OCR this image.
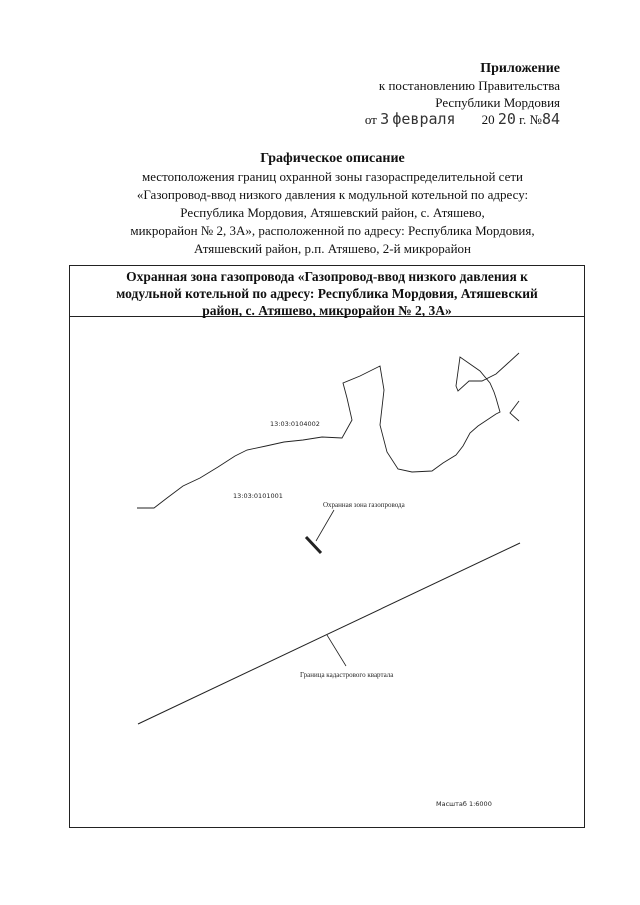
Приложение
к постановлению Правительства
Республики Мордовия
от 3 февраля 20 20 г. №84
Графическое описание
местоположения границ охранной зоны газораспределительной сети
«Газопровод-ввод низкого давления к модульной котельной по адресу:
Республика Мордовия, Атяшевский район, с. Атяшево,
микрорайон № 2, 3А», расположенной по адресу: Республика Мордовия,
Атяшевский район, р.п. Атяшево, 2-й микрорайон
Охранная зона газопровода «Газопровод-ввод низкого давления к
модульной котельной по адресу: Республика Мордовия, Атяшевский
район, с. Атяшево, микрорайон № 2, 3А»
13:03:0104002
13:03:0101001
Охранная зона газопровода
Граница кадастрового квартала
Масштаб 1:6000
